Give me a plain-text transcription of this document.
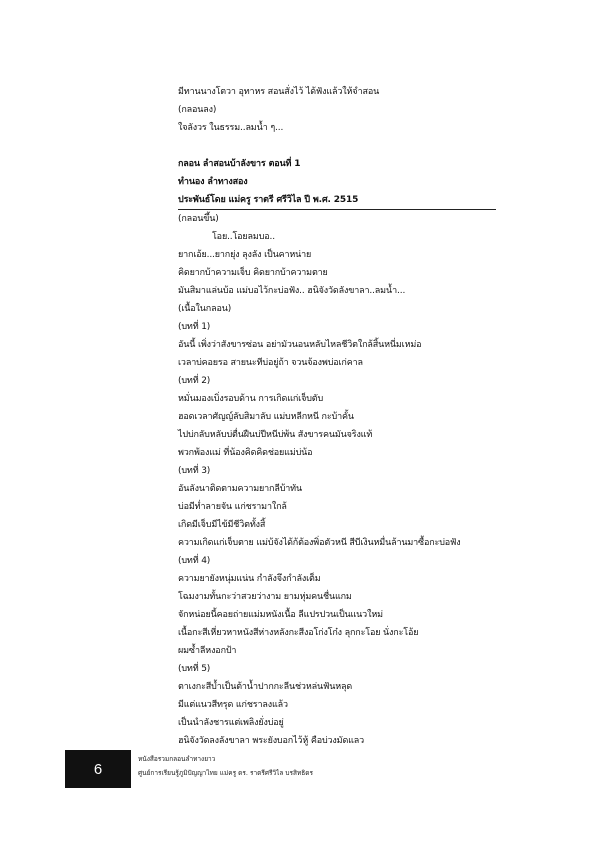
มีทานนางโตวา อุทาหร สอนสั่งไว้ ได้ฟังแล้วให้จำสอน
(กลอนลง)
ใจลังวร ในธรรม..ลมน้ำ ๆ...
กลอน ลำสอนบ้าลังขาร ตอนที่ 1
ทำนอง ลำทางสอง
ประพันธ์โดย แม่ครู ราตรี ศรีวิไล ปี พ.ศ. 2515
(กลอนขึ้น)
โอย..โอยลมบอ..
ยากเอ้ย...ยากยุ่ง ลุงลัง เป็นคาหน่าย
คิดยากบ้าความเจ็บ คิดยากบ้าความตาย
มันสิมาแล่นบ้อ แม่บอไว้กะบ่อฟัง.. ฮนิจังวัดลังขาลา..ลมน้ำ...
(เนื้อในกลอน)
(บทที่ 1)
อันนี้ เพิ่งว่าสังขารซ่อน อย่ามัวนอนหลับไหลชีวิตใกล้สิ้นหนี่มเหม่อ
เวลาบ่คอยรอ สายนะทีบ่อยู่ถ้า จวนจ้องพบ่อเก่คาล
(บทที่ 2)
หมั่นมองเบิ่งรอบด้าน การเกิดแก่เจ็บตับ
ฮอดเวลาศัญญ์ลับสิมาลับ แม่บหลีกหนี กะบ้าคั้น
ไปบ่กลับหลับบ่ตื่นฝืนบ่ปีหนีบ่พ้น สังขารคนมันจริงแท้
พวกพ้องแม่ ที่น้องคิดคิดช่อยแม่บ่น้อ
(บทที่ 3)
อันลังนาติดตามความยากลีบ้าทัน
บ่อมีท่ำลายจัน แก่ชรามาใกล้
เกิดมีเจ็บมีไข้มีชีวิตทั้งสิ้
ความเกิดแก่เจ็บตาย แม่บ้จังได้ก้ต้องพิ่อตัวหนี สีบีเงินหมื่นล้านมาซื้อกะบ่อฟัง
(บทที่ 4)
ความยายังหนุ่มแน่น กำลังจึงกำลังเต็ม
โฉมงามทั้นกะว่าสวยว่างาม ยามหุ่มคนชื่นแกม
จักหน่อยนี้คอยถ่ายแม่มหนังเนื้อ ลีแปรปวนเป็นแนวใหม่
เนื้อกะสีเหี่ยวหาหนังสีห่างหลังกะสีงอโก่งโก๋ง ลุกกะโอย นั่งกะโอ้ย
ผมซ้ำลีหงอกป้า
(บทที่ 5)
ตาเงกะสีบ้ำเป็นต้าน้ำปากกะลีนช่วหล่นฟันหลุด
มีแต่แนวสีทรุด แก่ชราลงแล้ว
เป็นนำลังชารแต่เพลิงยั่งบ่อยู่
ฮนิจังวัดลงลังขาลา พระยังบอกไว้หู้ คือบ่วงมัดแลว
6
หนังสือรวมกลอนลำทางยาว
ศูนย์การเรียนรู้ภูมิปัญญาไทย แม่ครู ดร. ราตรีศรีวิไล บรสิทธิดร
